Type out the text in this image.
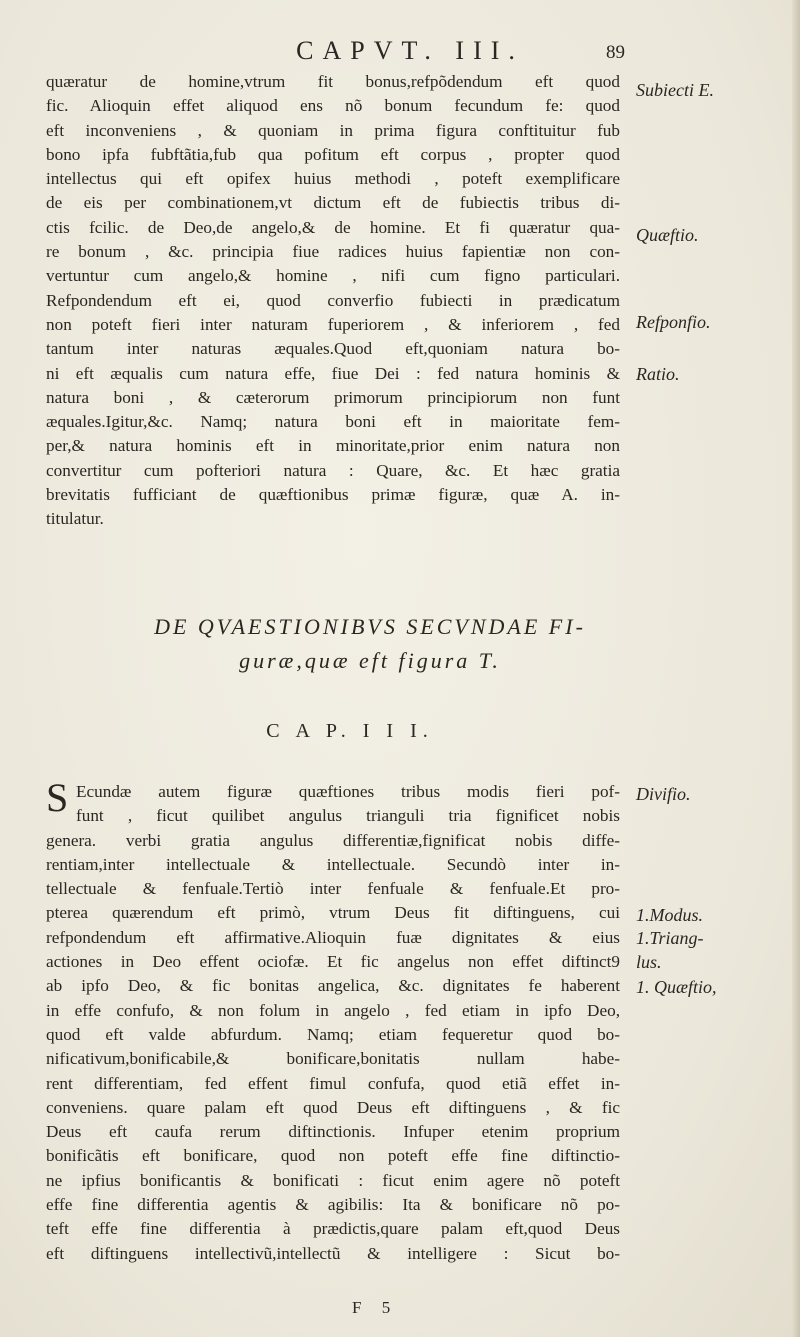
CAPVT. III.	89
quæratur de homine,vtrum fit bonus,refpõdendum eft quod
fic. Alioquin effet aliquod ens nõ bonum fecundum fe: quod
eft inconveniens , & quoniam in prima figura conftituitur fub
bono ipfa fubftãtia,fub qua pofitum eft corpus , propter quod
intellectus qui eft opifex huius methodi , poteft exemplificare
de eis per combinationem,vt dictum eft de fubiectis tribus di-
ctis fcilic. de Deo,de angelo,& de homine. Et fi quæratur qua-
re bonum , &c. principia fiue radices huius fapientiæ non con-
vertuntur cum angelo,& homine , nifi cum figno particulari.
Refpondendum eft ei, quod converfio fubiecti in prædicatum
non poteft fieri inter naturam fuperiorem , & inferiorem , fed
tantum inter naturas æquales.Quod eft,quoniam natura bo-
ni eft æqualis cum natura effe, fiue Dei : fed natura hominis &
natura boni , & cæterorum primorum principiorum non funt
æquales.Igitur,&c. Namq; natura boni eft in maioritate fem-
per,& natura hominis eft in minoritate,prior enim natura non
convertitur cum pofteriori natura : Quare, &c. Et hæc gratia
brevitatis fufficiant de quæftionibus primæ figuræ, quæ A. in-
titulatur.
DE QVAESTIONIBVS SECVNDAE FI-
guræ,quæ eft figura T.
C A P. I I I.
S Ecundæ autem figuræ quæftiones tribus modis fieri pof-
funt , ficut quilibet angulus trianguli tria fignificet nobis
genera. verbi gratia angulus differentiæ,fignificat nobis diffe-
rentiam,inter intellectuale & intellectuale. Secundò inter in-
tellectuale & fenfuale.Tertiò inter fenfuale & fenfuale.Et pro-
pterea quærendum eft primò, vtrum Deus fit diftinguens, cui
refpondendum eft affirmative.Alioquin fuæ dignitates & eius
actiones in Deo effent ociofæ. Et fic angelus non effet diftinct9
ab ipfo Deo, & fic bonitas angelica, &c. dignitates fe haberent
in effe confufo, & non folum in angelo , fed etiam in ipfo Deo,
quod eft valde abfurdum. Namq; etiam fequeretur quod bo-
nificativum,bonificabile,& bonificare,bonitatis nullam habe-
rent differentiam, fed effent fimul confufa, quod etiã effet in-
conveniens. quare palam eft quod Deus eft diftinguens , & fic
Deus eft caufa rerum diftinctionis. Infuper etenim proprium
bonificãtis eft bonificare, quod non poteft effe fine diftinctio-
ne ipfius bonificantis & bonificati : ficut enim agere nõ poteft
effe fine differentia agentis & agibilis: Ita & bonificare nõ po-
teft effe fine differentia à prædictis,quare palam eft,quod Deus
eft diftinguens intellectivũ,intellectũ & intelligere : Sicut bo-
Subiecti E.
Quæftio.
Refponfio.
Ratio.
Divifio.
1.Modus.
1.Triang-
lus.
1. Quæftio,
F 5
